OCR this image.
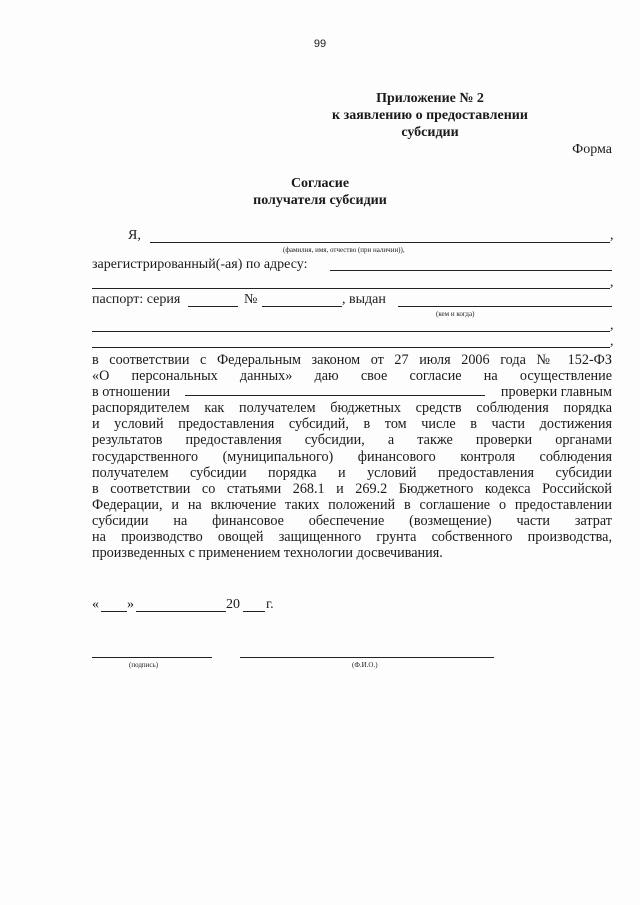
99
Приложение № 2
к заявлению о предоставлении
субсидии
Форма
Согласие
получателя субсидии
Я,	,
(фамилия, имя, отчество (при наличии)),
зарегистрированный(-ая) по адресу:
,
паспорт: серия	№	, выдан
(кем и когда)
,
,
в соответствии с Федеральным законом от 27 июля 2006 года № 152-ФЗ
«О персональных данных» даю свое согласие на осуществление
в отношении	проверки главным
распорядителем как получателем бюджетных средств соблюдения порядка
и условий предоставления субсидий, в том числе в части достижения
результатов предоставления субсидии, а также проверки органами
государственного (муниципального) финансового контроля соблюдения
получателем субсидии порядка и условий предоставления субсидии
в соответствии со статьями 268.1 и 269.2 Бюджетного кодекса Российской
Федерации, и на включение таких положений в соглашение о предоставлении
субсидии на финансовое обеспечение (возмещение) части затрат
на производство овощей защищенного грунта собственного производства,
произведенных с применением технологии досвечивания.
« »	20 г.
(подпись)	(Ф.И.О.)
